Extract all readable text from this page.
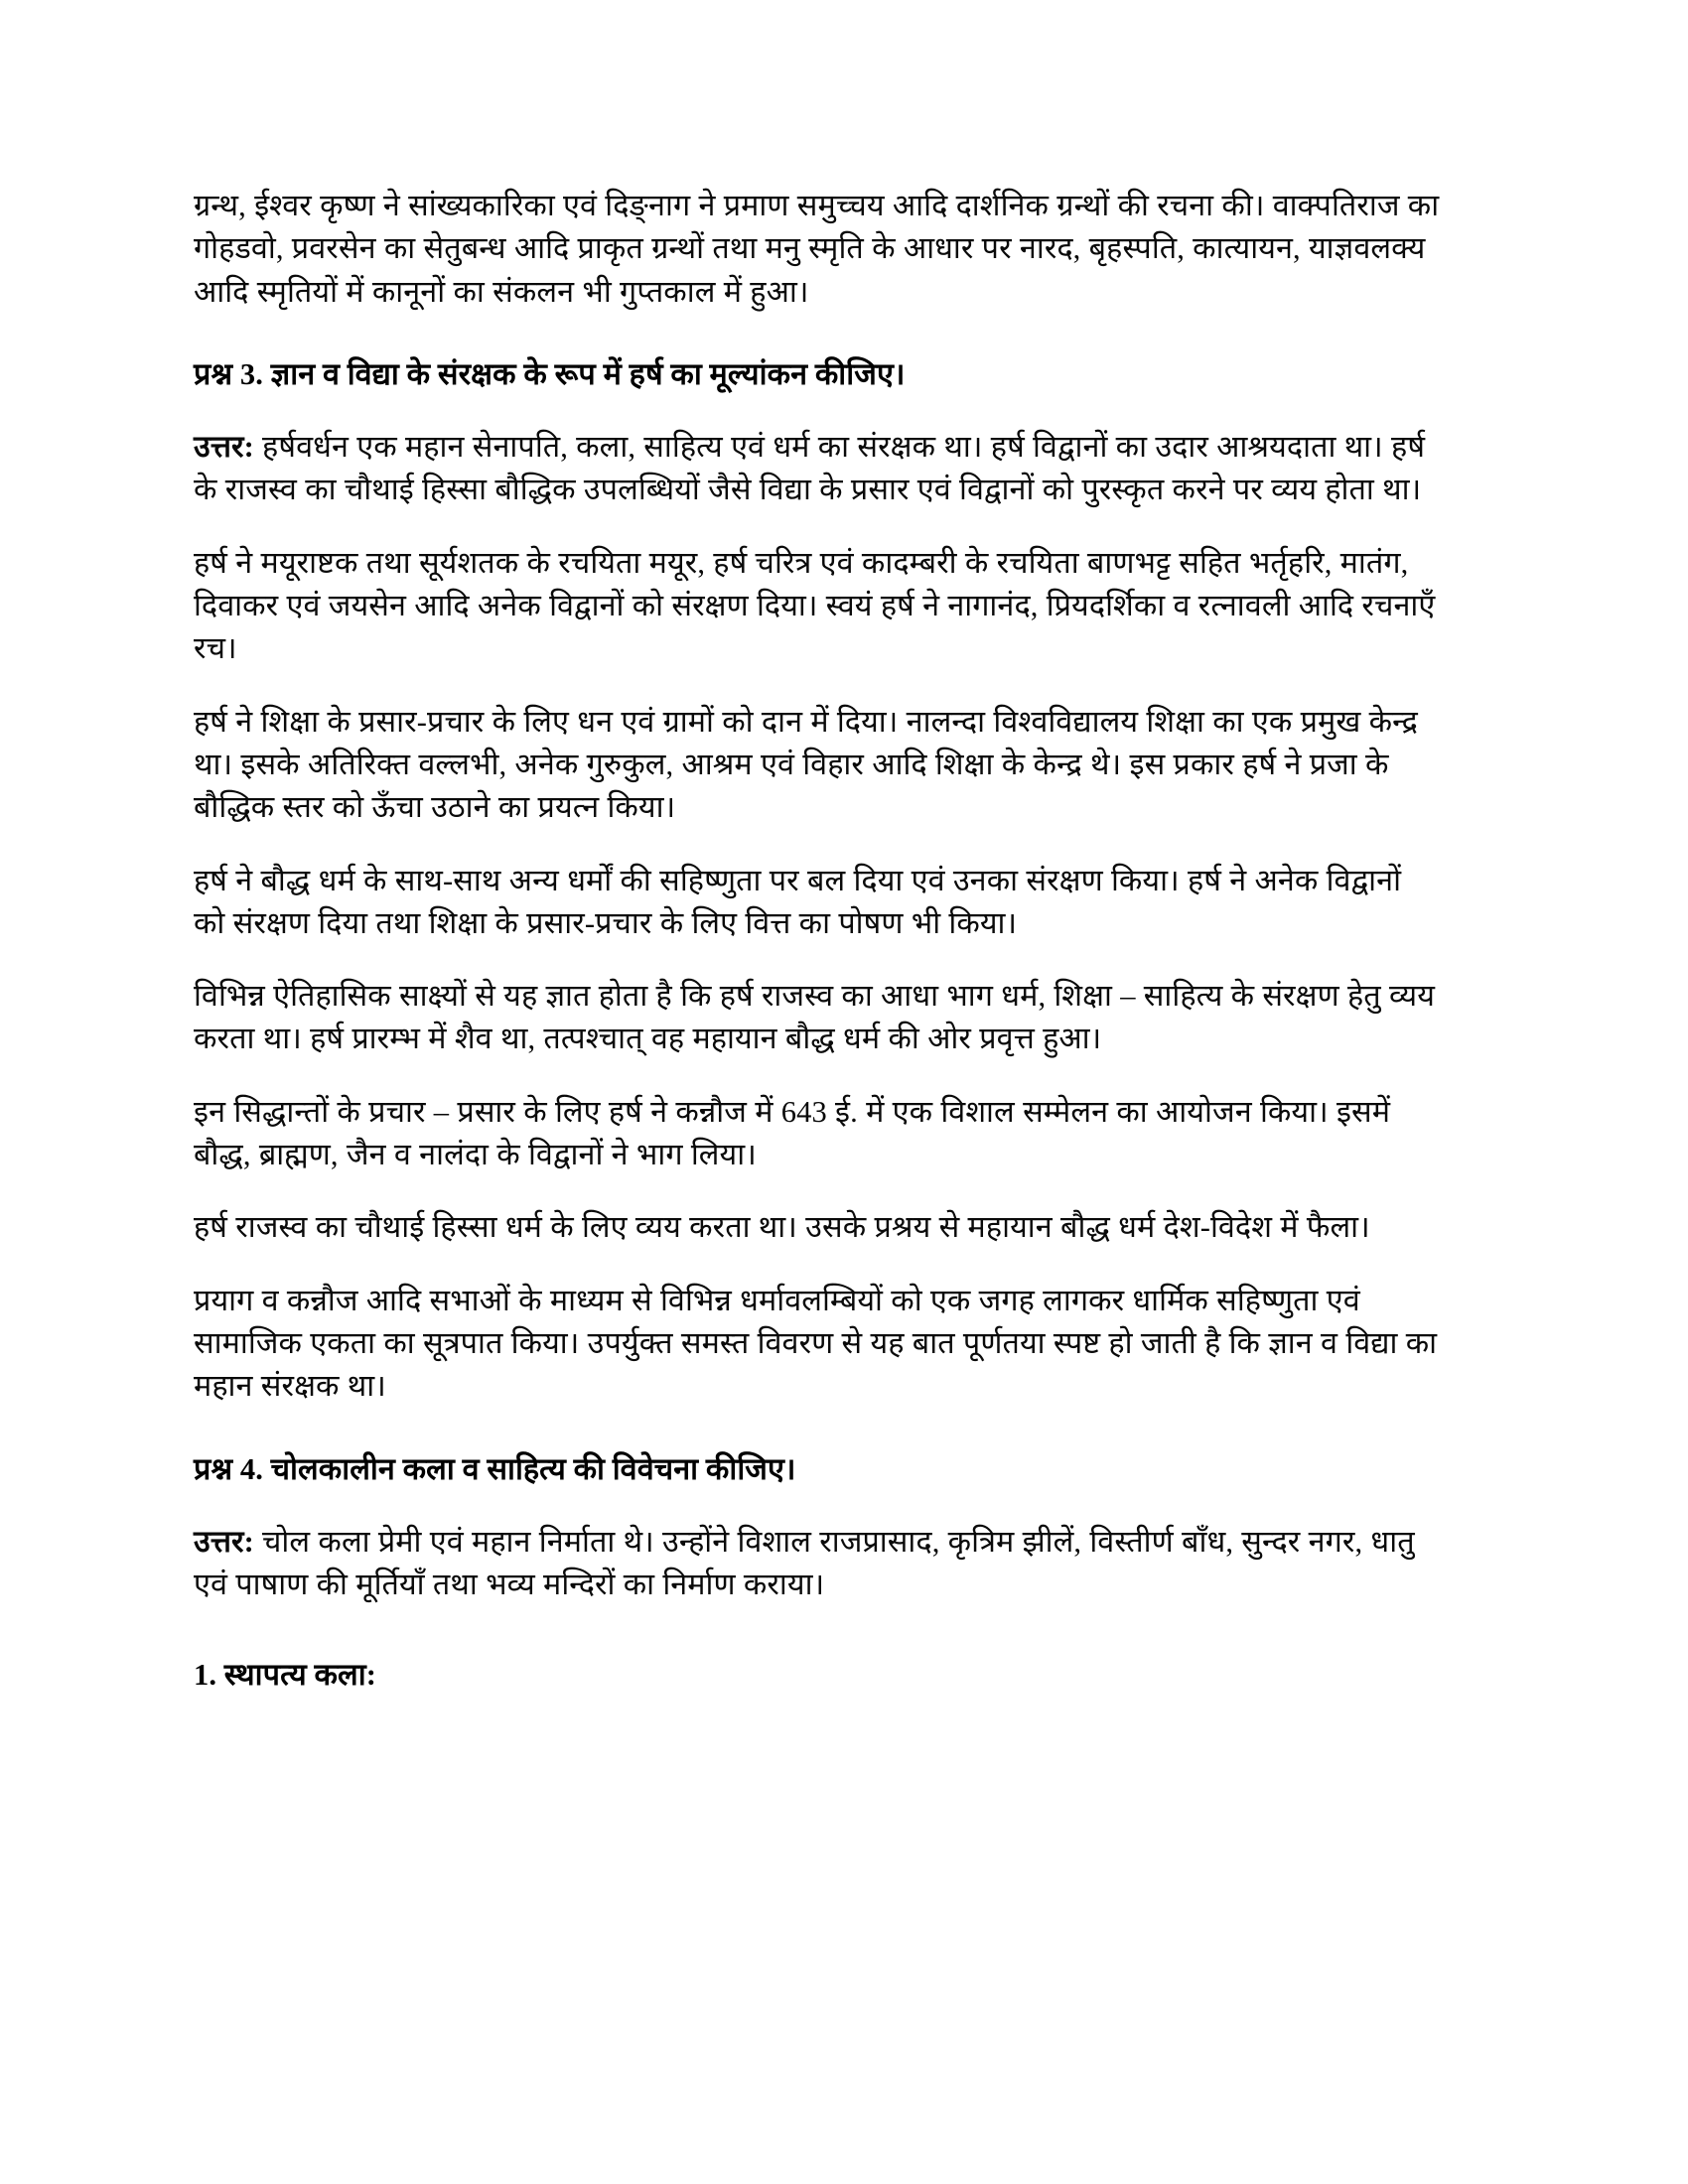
ग्रन्थ, ईश्वर कृष्ण ने सांख्यकारिका एवं दिङ्नाग ने प्रमाण समुच्चय आदि दार्शनिक ग्रन्थों की रचना की। वाक्पतिराज का गोहडवो, प्रवरसेन का सेतुबन्ध आदि प्राकृत ग्रन्थों तथा मनु स्मृति के आधार पर नारद, बृहस्पति, कात्यायन, याज्ञवलक्य आदि स्मृतियों में कानूनों का संकलन भी गुप्तकाल में हुआ।

प्रश्न 3. ज्ञान व विद्या के संरक्षक के रूप में हर्ष का मूल्यांकन कीजिए।

उत्तर: हर्षवर्धन एक महान सेनापति, कला, साहित्य एवं धर्म का संरक्षक था। हर्ष विद्वानों का उदार आश्रयदाता था। हर्ष के राजस्व का चौथाई हिस्सा बौद्धिक उपलब्धियों जैसे विद्या के प्रसार एवं विद्वानों को पुरस्कृत करने पर व्यय होता था।

हर्ष ने मयूराष्टक तथा सूर्यशतक के रचयिता मयूर, हर्ष चरित्र एवं कादम्बरी के रचयिता बाणभट्ट सहित भर्तृहरि, मातंग, दिवाकर एवं जयसेन आदि अनेक विद्वानों को संरक्षण दिया। स्वयं हर्ष ने नागानंद, प्रियदर्शिका व रत्नावली आदि रचनाएँ रच।

हर्ष ने शिक्षा के प्रसार-प्रचार के लिए धन एवं ग्रामों को दान में दिया। नालन्दा विश्वविद्यालय शिक्षा का एक प्रमुख केन्द्र था। इसके अतिरिक्त वल्लभी, अनेक गुरुकुल, आश्रम एवं विहार आदि शिक्षा के केन्द्र थे। इस प्रकार हर्ष ने प्रजा के बौद्धिक स्तर को ऊँचा उठाने का प्रयत्न किया।

हर्ष ने बौद्ध धर्म के साथ-साथ अन्य धर्मों की सहिष्णुता पर बल दिया एवं उनका संरक्षण किया। हर्ष ने अनेक विद्वानों को संरक्षण दिया तथा शिक्षा के प्रसार-प्रचार के लिए वित्त का पोषण भी किया।

विभिन्न ऐतिहासिक साक्ष्यों से यह ज्ञात होता है कि हर्ष राजस्व का आधा भाग धर्म, शिक्षा – साहित्य के संरक्षण हेतु व्यय करता था। हर्ष प्रारम्भ में शैव था, तत्पश्चात् वह महायान बौद्ध धर्म की ओर प्रवृत्त हुआ।

इन सिद्धान्तों के प्रचार – प्रसार के लिए हर्ष ने कन्नौज में 643 ई. में एक विशाल सम्मेलन का आयोजन किया। इसमें बौद्ध, ब्राह्मण, जैन व नालंदा के विद्वानों ने भाग लिया।

हर्ष राजस्व का चौथाई हिस्सा धर्म के लिए व्यय करता था। उसके प्रश्रय से महायान बौद्ध धर्म देश-विदेश में फैला।

प्रयाग व कन्नौज आदि सभाओं के माध्यम से विभिन्न धर्मावलम्बियों को एक जगह लागकर धार्मिक सहिष्णुता एवं सामाजिक एकता का सूत्रपात किया। उपर्युक्त समस्त विवरण से यह बात पूर्णतया स्पष्ट हो जाती है कि ज्ञान व विद्या का महान संरक्षक था।

प्रश्न 4. चोलकालीन कला व साहित्य की विवेचना कीजिए।

उत्तर: चोल कला प्रेमी एवं महान निर्माता थे। उन्होंने विशाल राजप्रासाद, कृत्रिम झीलें, विस्तीर्ण बाँध, सुन्दर नगर, धातु एवं पाषाण की मूर्तियाँ तथा भव्य मन्दिरों का निर्माण कराया।

1. स्थापत्य कला:
